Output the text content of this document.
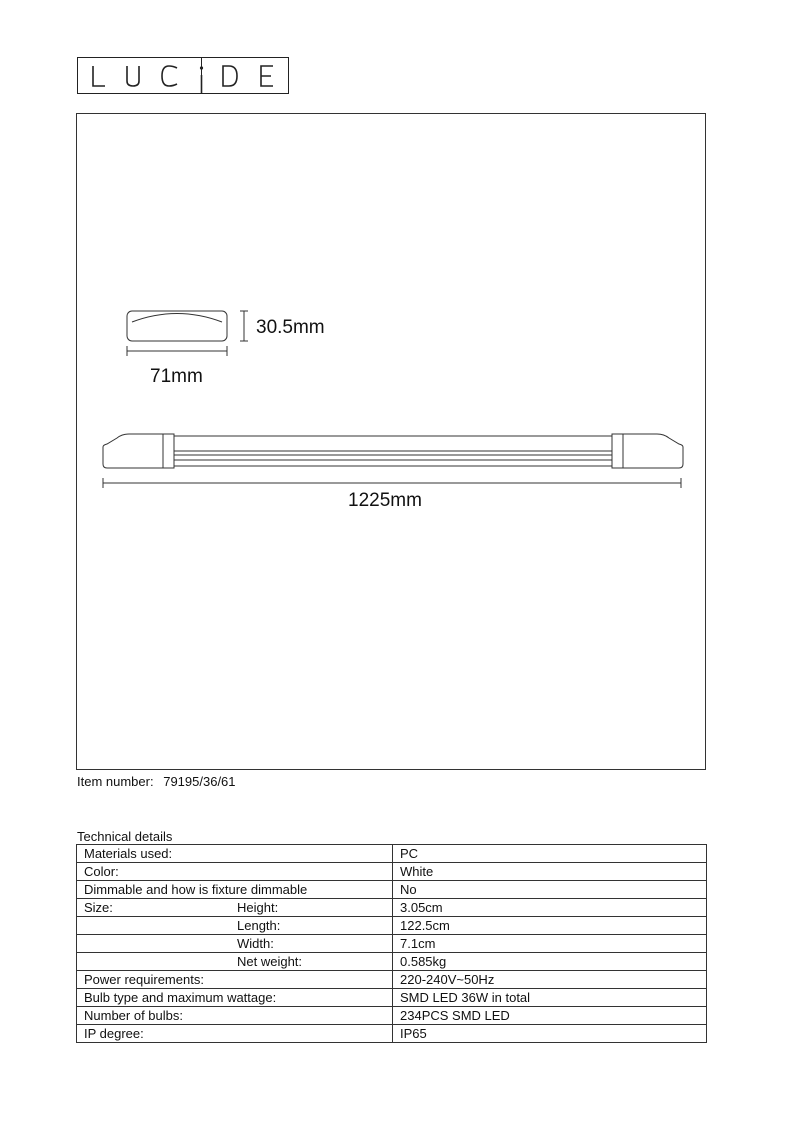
30.5mm
71mm
1225mm
Item number: 79195/36/61
Technical details
Materials used:	PC

Color:	White

Dimmable and how is fixture dimmable	No

Size: Height:	3.05cm

Length:	122.5cm

Width:	7.1cm

Net weight:	0.585kg

Power requirements:	220-240V~50Hz

Bulb type and maximum wattage:	SMD LED 36W in total

Number of bulbs:	234PCS SMD LED

IP degree:	IP65
